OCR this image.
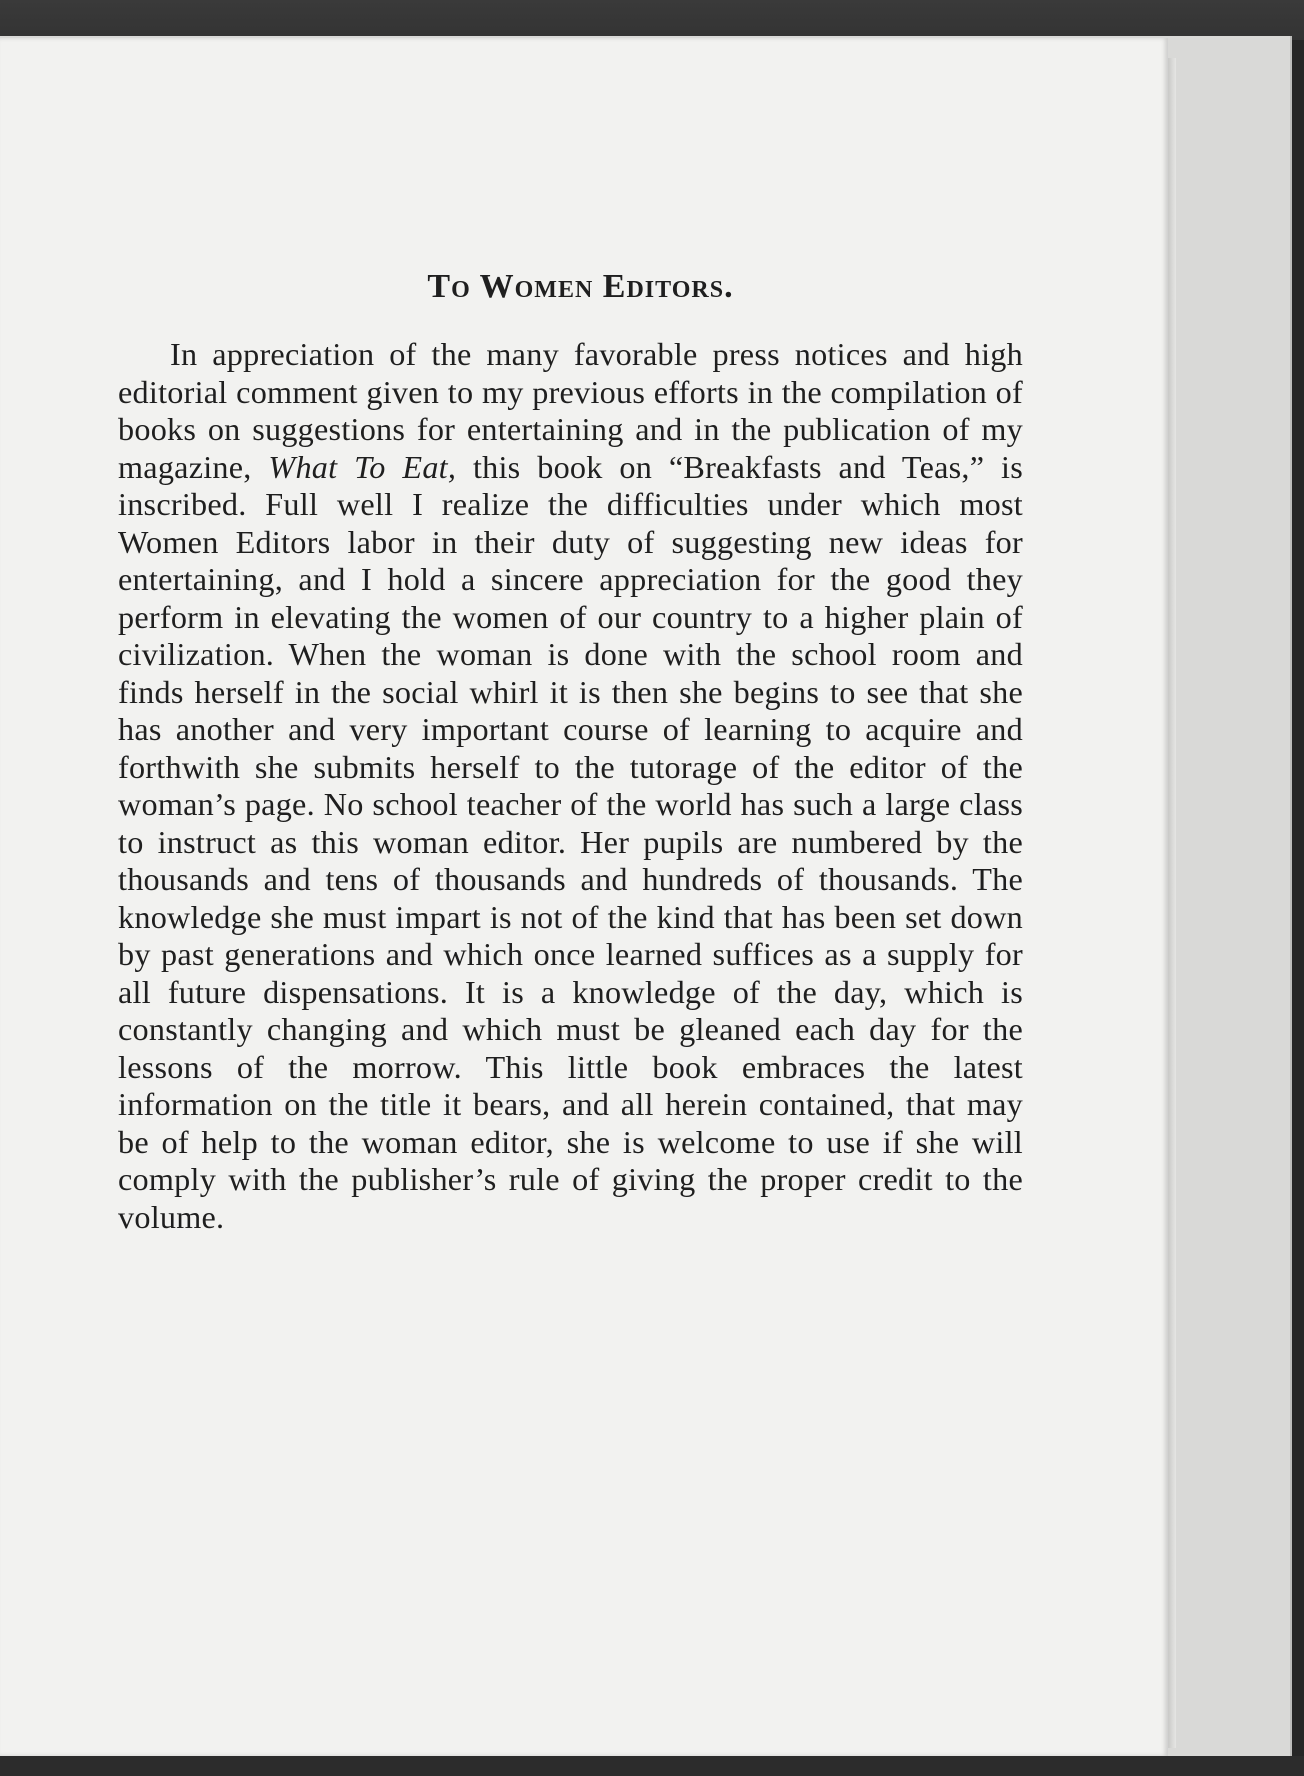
To Women Editors.

In appreciation of the many favorable press notices and high editorial comment given to my previous efforts in the compilation of books on suggestions for entertaining and in the publication of my magazine, What To Eat, this book on “Breakfasts and Teas,” is inscribed. Full well I realize the difficulties under which most Women Editors labor in their duty of suggesting new ideas for entertaining, and I hold a sincere appreciation for the good they perform in elevating the women of our country to a higher plain of civilization. When the woman is done with the school room and finds herself in the social whirl it is then she begins to see that she has another and very important course of learning to acquire and forthwith she submits herself to the tutorage of the editor of the woman’s page. No school teacher of the world has such a large class to instruct as this woman editor. Her pupils are numbered by the thousands and tens of thousands and hundreds of thousands. The knowledge she must impart is not of the kind that has been set down by past generations and which once learned suffices as a supply for all future dispensations. It is a knowledge of the day, which is constantly changing and which must be gleaned each day for the lessons of the morrow. This little book embraces the latest information on the title it bears, and all herein contained, that may be of help to the woman editor, she is welcome to use if she will comply with the publisher’s rule of giving the proper credit to the volume.
